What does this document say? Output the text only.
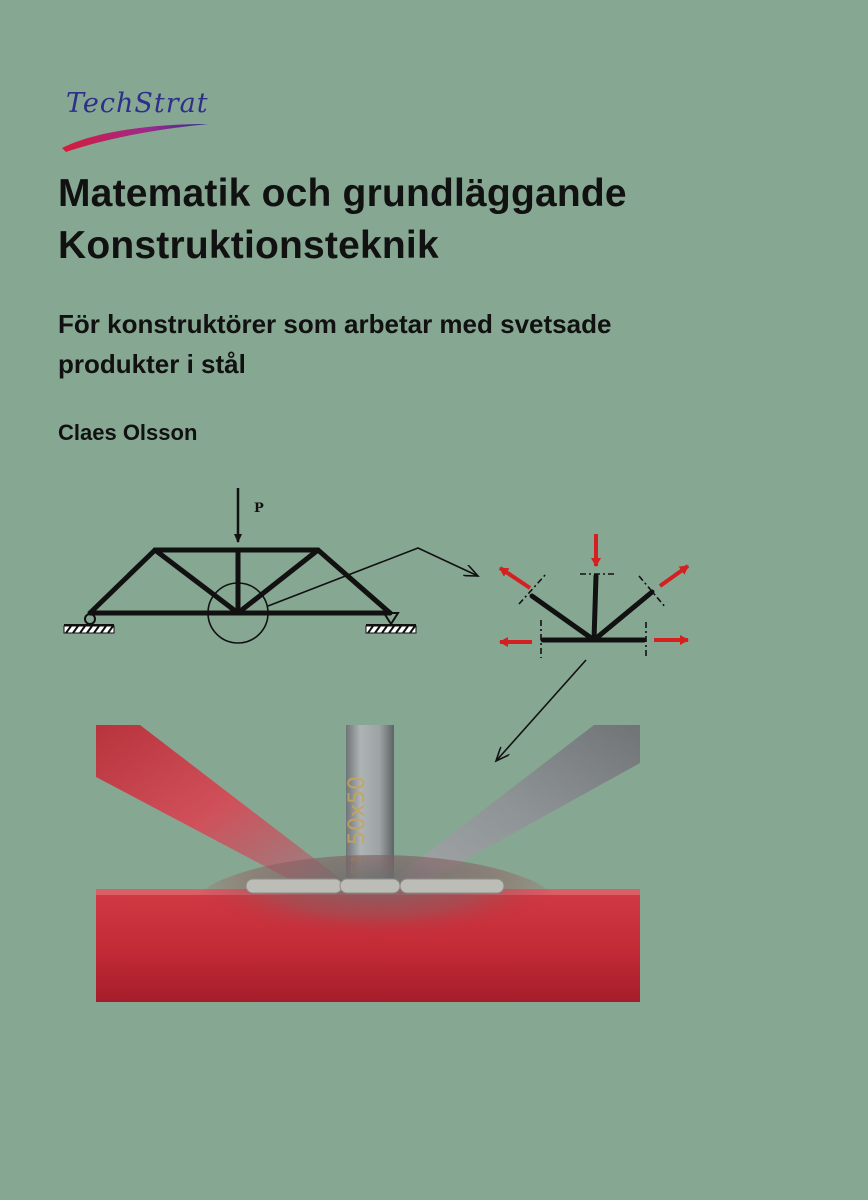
TechStrat
Matematik och grundläggande
Konstruktionsteknik
För konstruktörer som arbetar med svetsade
produkter i stål

Claes Olsson

P
50x50
